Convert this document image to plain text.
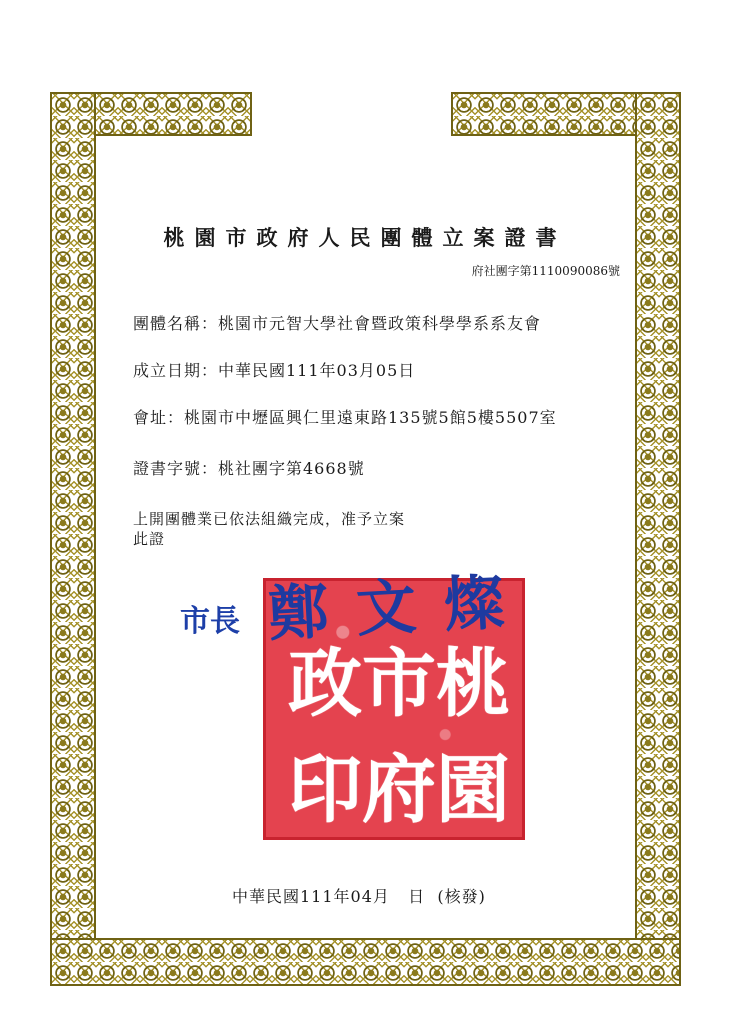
桃園市政府人民團體立案證書
府社團字第1110090086號
團體名稱：桃園市元智大學社會暨政策科學學系系友會
成立日期：中華民國111年03月05日
會址：桃園市中壢區興仁里遠東路135號5館5樓5507室
證書字號：桃社團字第4668號
上開團體業已依法組織完成，准予立案
此證
政 市 桃
印 府 園
市長 鄭文燦
中華民國111年04月   日  (核發)
